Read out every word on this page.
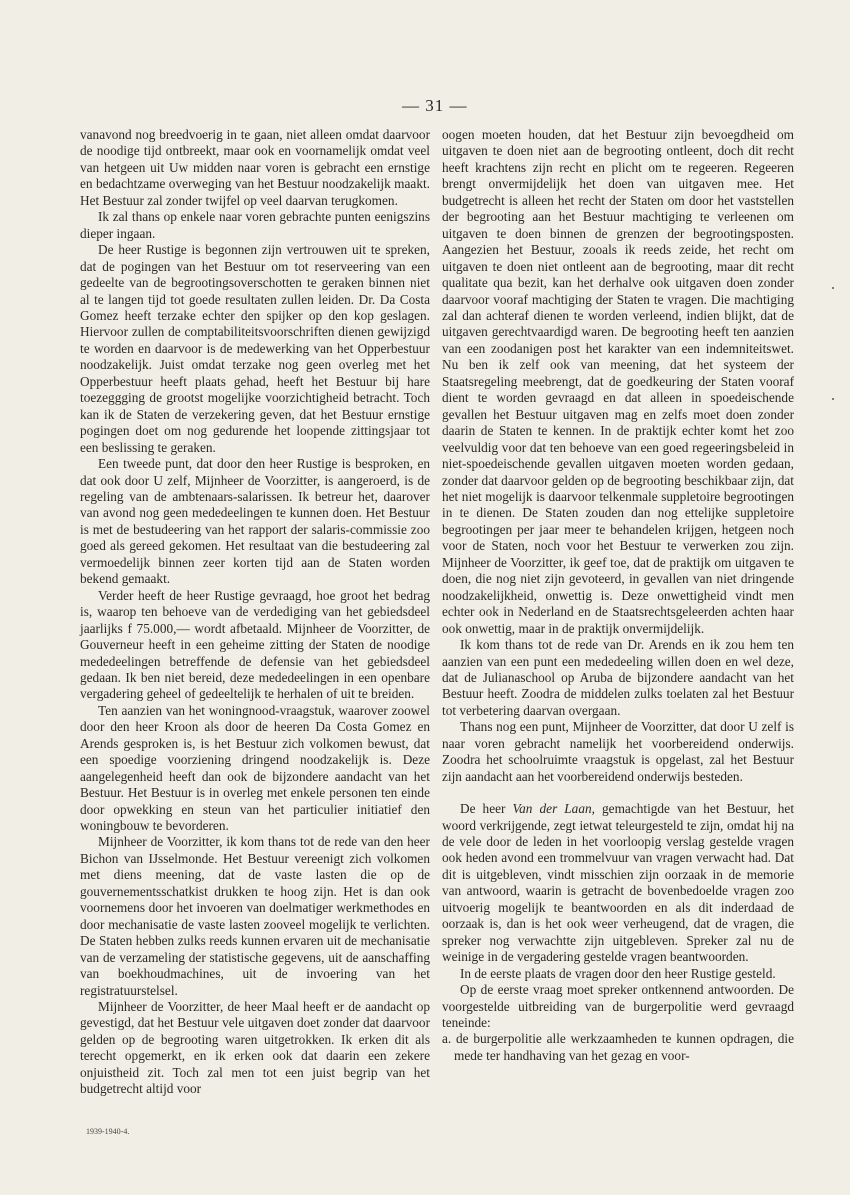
— 31 —

vanavond nog breedvoerig in te gaan, niet alleen omdat daarvoor de noodige tijd ontbreekt, maar ook en voornamelijk omdat veel van hetgeen uit Uw midden naar voren is gebracht een ernstige en bedachtzame overweging van het Bestuur noodzakelijk maakt. Het Bestuur zal zonder twijfel op veel daarvan terugkomen.

Ik zal thans op enkele naar voren gebrachte punten eenigszins dieper ingaan.

De heer Rustige is begonnen zijn vertrouwen uit te spreken, dat de pogingen van het Bestuur om tot reserveering van een gedeelte van de begrootingsoverschotten te geraken binnen niet al te langen tijd tot goede resultaten zullen leiden. Dr. Da Costa Gomez heeft terzake echter den spijker op den kop geslagen. Hiervoor zullen de comptabiliteitsvoorschriften dienen gewijzigd te worden en daarvoor is de medewerking van het Opperbestuur noodzakelijk. Juist omdat terzake nog geen overleg met het Opperbestuur heeft plaats gehad, heeft het Bestuur bij hare toezeggging de grootst mogelijke voorzichtigheid betracht. Toch kan ik de Staten de verzekering geven, dat het Bestuur ernstige pogingen doet om nog gedurende het loopende zittingsjaar tot een beslissing te geraken.

Een tweede punt, dat door den heer Rustige is besproken, en dat ook door U zelf, Mijnheer de Voorzitter, is aangeroerd, is de regeling van de ambtenaars-salarissen. Ik betreur het, daarover van avond nog geen mededeelingen te kunnen doen. Het Bestuur is met de bestudeering van het rapport der salaris-commissie zoo goed als gereed gekomen. Het resultaat van die bestudeering zal vermoedelijk binnen zeer korten tijd aan de Staten worden bekend gemaakt.

Verder heeft de heer Rustige gevraagd, hoe groot het bedrag is, waarop ten behoeve van de verdediging van het gebiedsdeel jaarlijks f 75.000,— wordt afbetaald. Mijnheer de Voorzitter, de Gouverneur heeft in een geheime zitting der Staten de noodige mededeelingen betreffende de defensie van het gebiedsdeel gedaan. Ik ben niet bereid, deze mededeelingen in een openbare vergadering geheel of gedeeltelijk te herhalen of uit te breiden.

Ten aanzien van het woningnood-vraagstuk, waarover zoowel door den heer Kroon als door de heeren Da Costa Gomez en Arends gesproken is, is het Bestuur zich volkomen bewust, dat een spoedige voorziening dringend noodzakelijk is. Deze aangelegenheid heeft dan ook de bijzondere aandacht van het Bestuur. Het Bestuur is in overleg met enkele personen ten einde door opwekking en steun van het particulier initiatief den woningbouw te bevorderen.

Mijnheer de Voorzitter, ik kom thans tot de rede van den heer Bichon van IJsselmonde. Het Bestuur vereenigt zich volkomen met diens meening, dat de vaste lasten die op de gouvernementsschatkist drukken te hoog zijn. Het is dan ook voornemens door het invoeren van doelmatiger werkmethodes en door mechanisatie de vaste lasten zooveel mogelijk te verlichten. De Staten hebben zulks reeds kunnen ervaren uit de mechanisatie van de verzameling der statistische gegevens, uit de aanschaffing van boekhoudmachines, uit de invoering van het registratuurstelsel.

Mijnheer de Voorzitter, de heer Maal heeft er de aandacht op gevestigd, dat het Bestuur vele uitgaven doet zonder dat daarvoor gelden op de begrooting waren uitgetrokken. Ik erken dit als terecht opgemerkt, en ik erken ook dat daarin een zekere onjuistheid zit. Toch zal men tot een juist begrip van het budgetrecht altijd voor

oogen moeten houden, dat het Bestuur zijn bevoegdheid om uitgaven te doen niet aan de begrooting ontleent, doch dit recht heeft krachtens zijn recht en plicht om te regeeren. Regeeren brengt onvermijdelijk het doen van uitgaven mee. Het budgetrecht is alleen het recht der Staten om door het vaststellen der begrooting aan het Bestuur machtiging te verleenen om uitgaven te doen binnen de grenzen der begrootingsposten. Aangezien het Bestuur, zooals ik reeds zeide, het recht om uitgaven te doen niet ontleent aan de begrooting, maar dit recht qualitate qua bezit, kan het derhalve ook uitgaven doen zonder daarvoor vooraf machtiging der Staten te vragen. Die machtiging zal dan achteraf dienen te worden verleend, indien blijkt, dat de uitgaven gerechtvaardigd waren. De begrooting heeft ten aanzien van een zoodanigen post het karakter van een indemniteitswet. Nu ben ik zelf ook van meening, dat het systeem der Staatsregeling meebrengt, dat de goedkeuring der Staten vooraf dient te worden gevraagd en dat alleen in spoedeischende gevallen het Bestuur uitgaven mag en zelfs moet doen zonder daarin de Staten te kennen. In de praktijk echter komt het zoo veelvuldig voor dat ten behoeve van een goed regeeringsbeleid in niet-spoedeischende gevallen uitgaven moeten worden gedaan, zonder dat daarvoor gelden op de begrooting beschikbaar zijn, dat het niet mogelijk is daarvoor telkenmale suppletoire begrootingen in te dienen. De Staten zouden dan nog ettelijke suppletoire begrootingen per jaar meer te behandelen krijgen, hetgeen noch voor de Staten, noch voor het Bestuur te verwerken zou zijn. Mijnheer de Voorzitter, ik geef toe, dat de praktijk om uitgaven te doen, die nog niet zijn gevoteerd, in gevallen van niet dringende noodzakelijkheid, onwettig is. Deze onwettigheid vindt men echter ook in Nederland en de Staatsrechtsgeleerden achten haar ook onwettig, maar in de praktijk onvermijdelijk.

Ik kom thans tot de rede van Dr. Arends en ik zou hem ten aanzien van een punt een mededeeling willen doen en wel deze, dat de Julianaschool op Aruba de bijzondere aandacht van het Bestuur heeft. Zoodra de middelen zulks toelaten zal het Bestuur tot verbetering daarvan overgaan.

Thans nog een punt, Mijnheer de Voorzitter, dat door U zelf is naar voren gebracht namelijk het voorbereidend onderwijs. Zoodra het schoolruimte vraagstuk is opgelast, zal het Bestuur zijn aandacht aan het voorbereidend onderwijs besteden.

De heer Van der Laan, gemachtigde van het Bestuur, het woord verkrijgende, zegt ietwat teleurgesteld te zijn, omdat hij na de vele door de leden in het voorloopig verslag gestelde vragen ook heden avond een trommelvuur van vragen verwacht had. Dat dit is uitgebleven, vindt misschien zijn oorzaak in de memorie van antwoord, waarin is getracht de bovenbedoelde vragen zoo uitvoerig mogelijk te beantwoorden en als dit inderdaad de oorzaak is, dan is het ook weer verheugend, dat de vragen, die spreker nog verwachtte zijn uitgebleven. Spreker zal nu de weinige in de vergadering gestelde vragen beantwoorden.

In de eerste plaats de vragen door den heer Rustige gesteld.

Op de eerste vraag moet spreker ontkennend antwoorden. De voorgestelde uitbreiding van de burgerpolitie werd gevraagd teneinde:

a. de burgerpolitie alle werkzaamheden te kunnen opdragen, die mede ter handhaving van het gezag en voor-
1939-1940-4.
